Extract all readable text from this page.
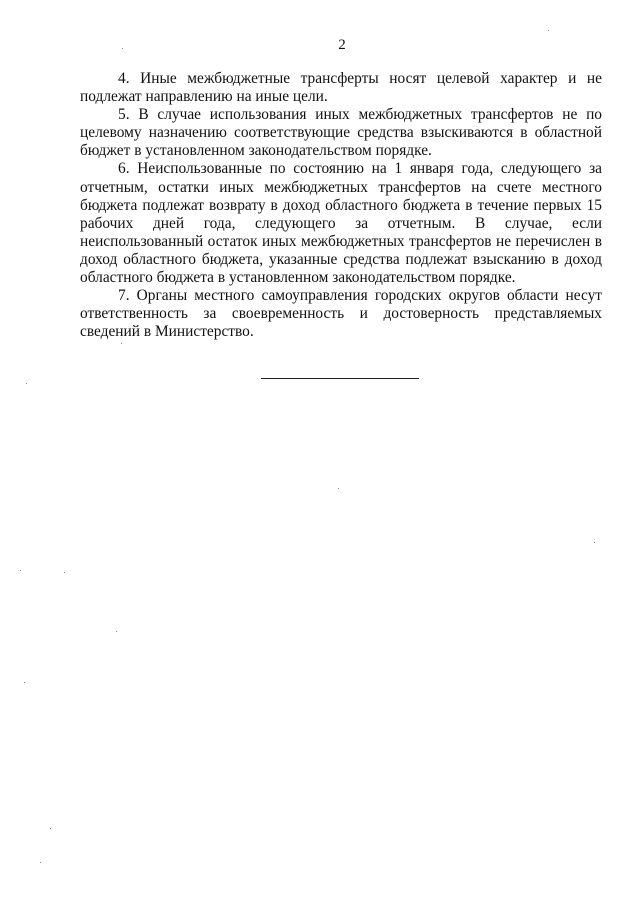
2

4. Иные межбюджетные трансферты носят целевой характер и не подлежат направлению на иные цели.

5. В случае использования иных межбюджетных трансфертов не по целевому назначению соответствующие средства взыскиваются в областной бюджет в установленном законодательством порядке.

6. Неиспользованные по состоянию на 1 января года, следующего за отчетным, остатки иных межбюджетных трансфертов на счете местного бюджета подлежат возврату в доход областного бюджета в течение первых 15 рабочих дней года, следующего за отчетным. В случае, если неиспользованный остаток иных межбюджетных трансфертов не перечислен в доход областного бюджета, указанные средства подлежат взысканию в доход областного бюджета в установленном законодательством порядке.

7. Органы местного самоуправления городских округов области несут ответственность за своевременность и достоверность представляемых сведений в Министерство.
